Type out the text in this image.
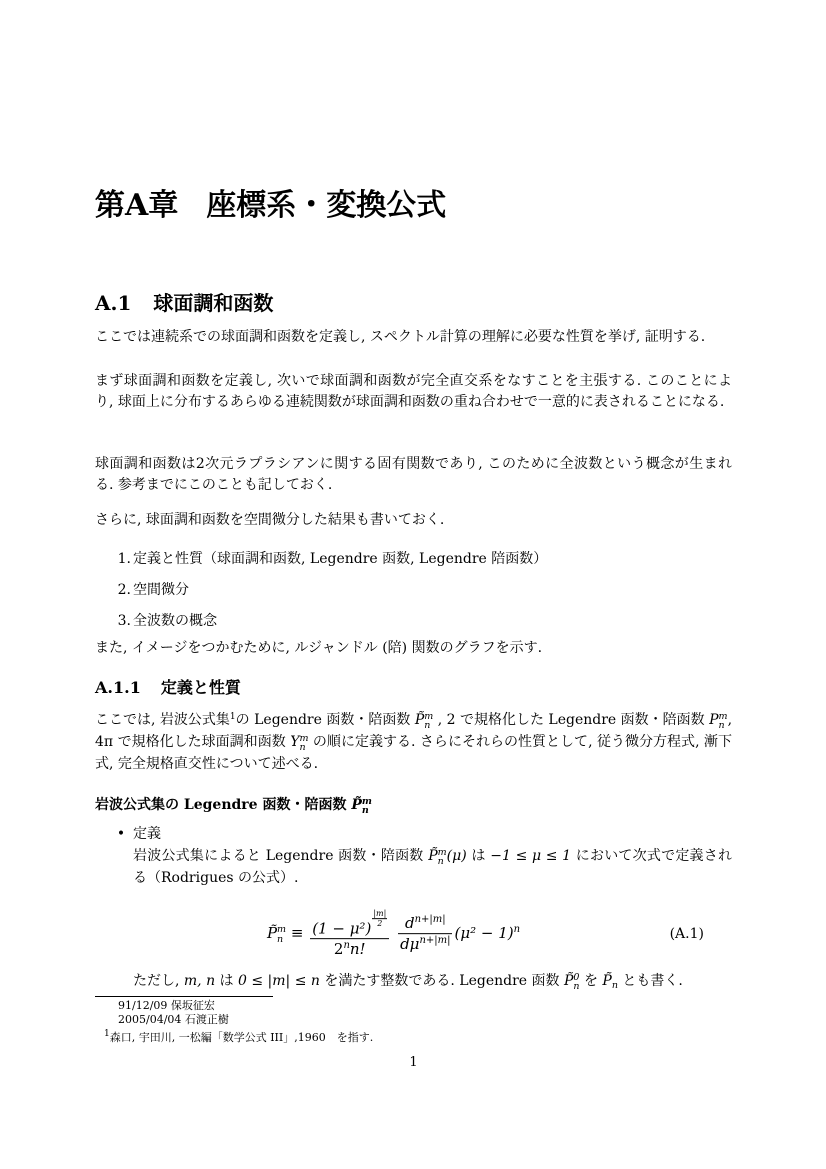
第A章 座標系・変換公式
A.1 球面調和函数

ここでは連続系での球面調和函数を定義し, スペクトル計算の理解に必要な性質を挙げ, 証明する.

まず球面調和函数を定義し, 次いで球面調和函数が完全直交系をなすことを主張する. このことにより, 球面上に分布するあらゆる連続関数が球面調和函数の重ね合わせで一意的に表されることになる.

球面調和函数は2次元ラプラシアンに関する固有関数であり, このために全波数という概念が生まれる. 参考までにこのことも記しておく.

さらに, 球面調和函数を空間微分した結果も書いておく.

1. 定義と性質（球面調和函数, Legendre 函数, Legendre 陪函数）
2. 空間微分
3. 全波数の概念

また, イメージをつかむために, ルジャンドル (陪) 関数のグラフを示す.

A.1.1 定義と性質

ここでは, 岩波公式集$^1$の Legendre 函数・陪函数 P̃ m
n , 2 で規格化した Legendre 函数・陪函数 P m
n , 4π で規格化した球面調和函数 Y m
n の順に定義する. さらにそれらの性質として, 従う微分方程式, 漸下式, 完全規格直交性について述べる.

岩波公式集の Legendre 函数・陪函数 P̃ m
n
• 定義

岩波公式集によると Legendre 函数・陪函数 P̃ m
n (μ) は −1 ≤ μ ≤ 1 において次式で定義される（Rodrigues の公式）.

P̃ m
$n \equiv \frac{(1 - \mu^2) \frac{|m|}{2}}{2^nn!}$
$\frac{d^{n+|m|}}{d\mu^{n+|m|}} (\mu^2 - 1)^n$	(A.1)

ただし, m, n は 0 ≤ |m| ≤ n を満たす整数である. Legendre 函数 P̃ 0
n を $P̃_n$ とも書く.

91/12/09 保坂征宏
2005/04/04 石渡正樹
$^1$森口, 宇田川, 一松編「数学公式 III」,1960　を指す.
1
